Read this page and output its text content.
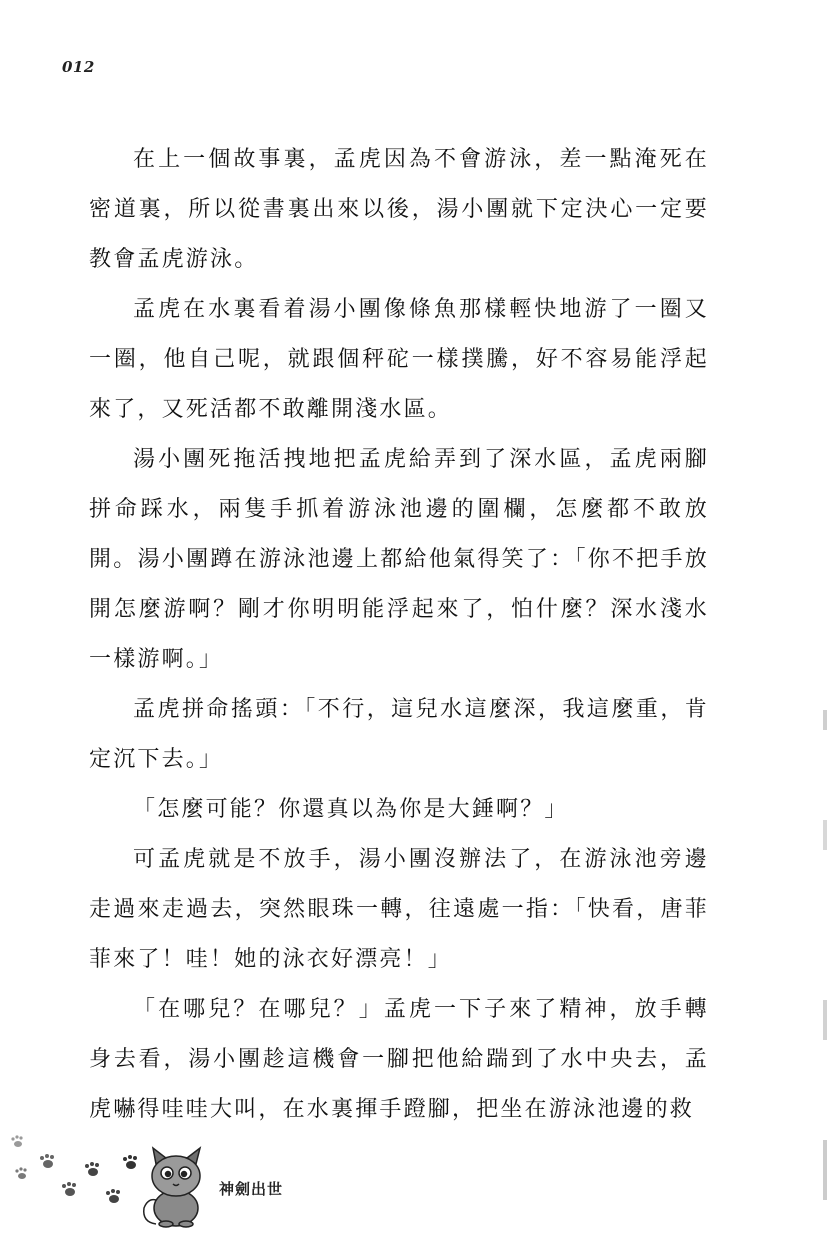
012

在上一個故事裏，孟虎因為不會游泳，差一點淹死在密道裏，所以從書裏出來以後，湯小團就下定決心一定要教會孟虎游泳。

孟虎在水裏看着湯小團像條魚那樣輕快地游了一圈又一圈，他自己呢，就跟個秤砣一樣撲騰，好不容易能浮起來了，又死活都不敢離開淺水區。

湯小團死拖活拽地把孟虎給弄到了深水區，孟虎兩腳拼命踩水，兩隻手抓着游泳池邊的圍欄，怎麼都不敢放開。湯小團蹲在游泳池邊上都給他氣得笑了：「你不把手放開怎麼游啊？剛才你明明能浮起來了，怕什麼？深水淺水一樣游啊。」

孟虎拼命搖頭：「不行，這兒水這麼深，我這麼重，肯定沉下去。」

「怎麼可能？你還真以為你是大錘啊？」

可孟虎就是不放手，湯小團沒辦法了，在游泳池旁邊走過來走過去，突然眼珠一轉，往遠處一指：「快看，唐菲菲來了！哇！她的泳衣好漂亮！」

「在哪兒？在哪兒？」孟虎一下子來了精神，放手轉身去看，湯小團趁這機會一腳把他給踹到了水中央去，孟虎嚇得哇哇大叫，在水裏揮手蹬腳，把坐在游泳池邊的救

神劍出世
